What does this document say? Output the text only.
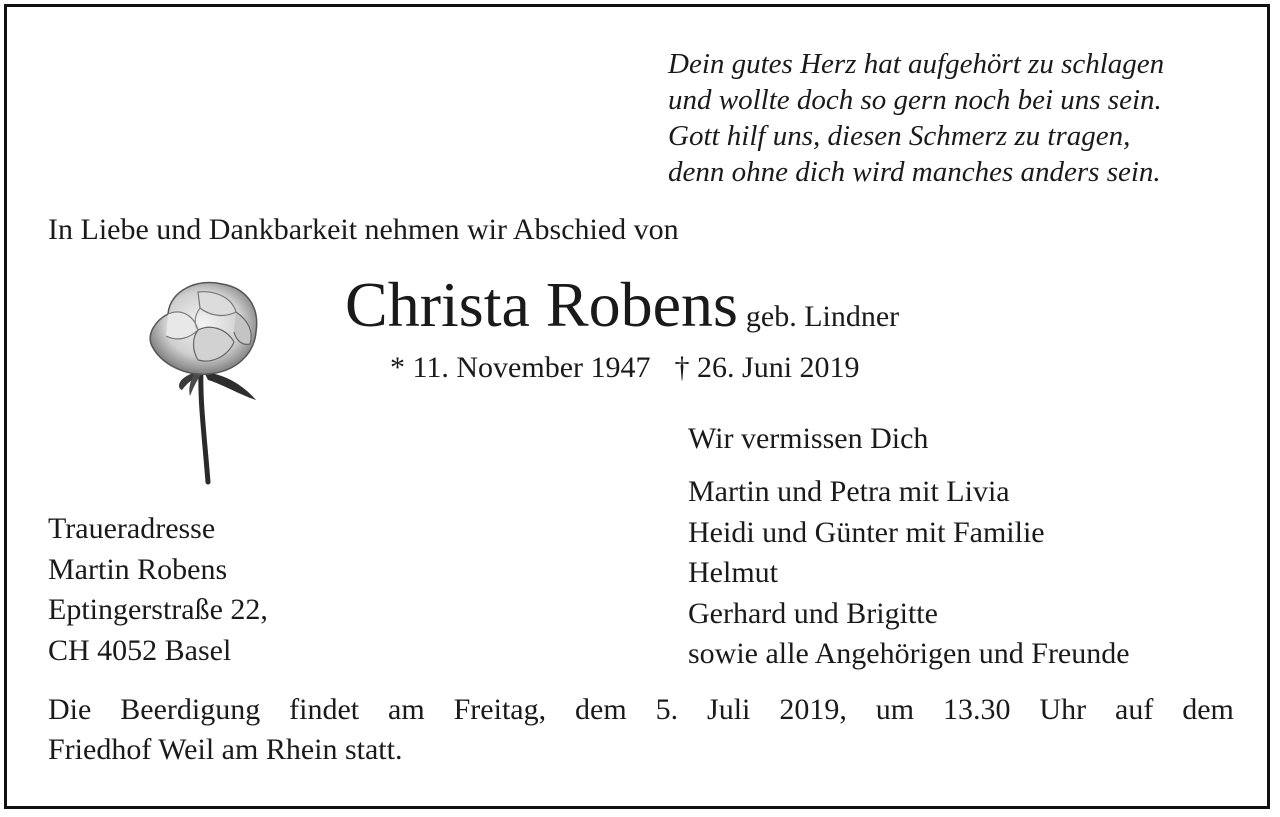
Dein gutes Herz hat aufgehört zu schlagen
und wollte doch so gern noch bei uns sein.
Gott hilf uns, diesen Schmerz zu tragen,
denn ohne dich wird manches anders sein.
In Liebe und Dankbarkeit nehmen wir Abschied von
Christa Robens geb. Lindner
* 11. November 1947 † 26. Juni 2019
Wir vermissen Dich
Martin und Petra mit Livia
Heidi und Günter mit Familie
Helmut
Gerhard und Brigitte
sowie alle Angehörigen und Freunde
Traueradresse
Martin Robens
Eptingerstraße 22,
CH 4052 Basel
Die Beerdigung findet am Freitag, dem 5. Juli 2019, um 13.30 Uhr auf dem
Friedhof Weil am Rhein statt.
